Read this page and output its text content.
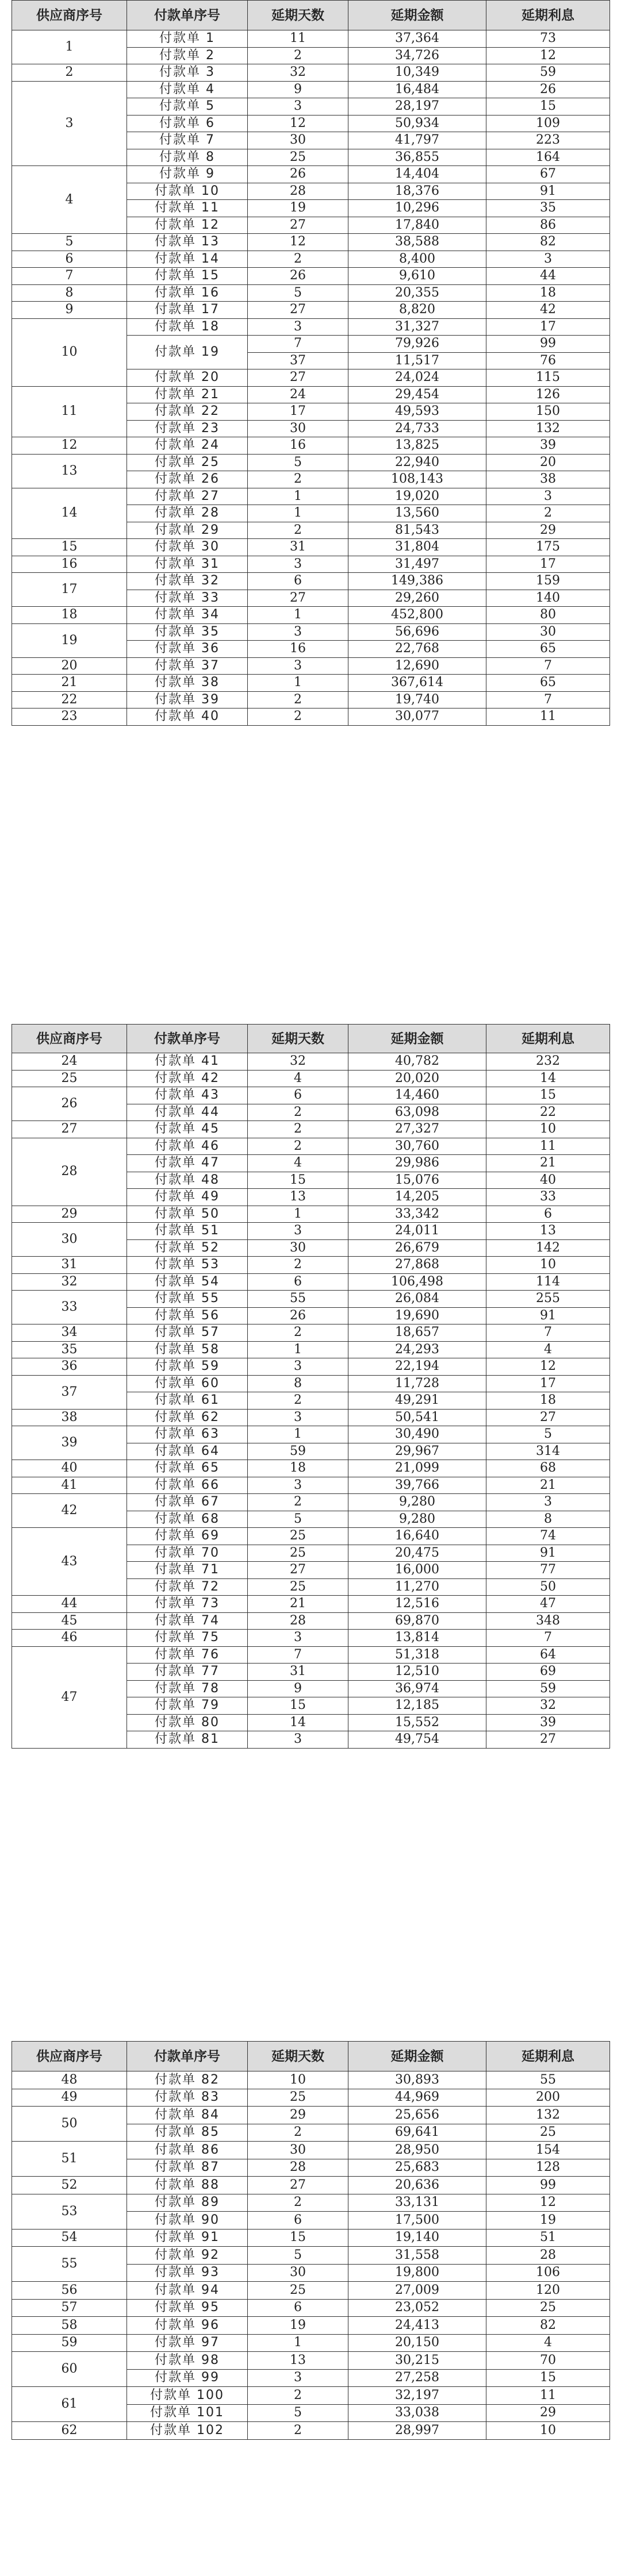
供应商序号	付款单序号	延期天数	延期金额	延期利息
1	付款单 1	11	37,364	73
	付款单 2	2	34,726	12
2	付款单 3	32	10,349	59
3	付款单 4	9	16,484	26
	付款单 5	3	28,197	15
	付款单 6	12	50,934	109
	付款单 7	30	41,797	223
	付款单 8	25	36,855	164
4	付款单 9	26	14,404	67
	付款单 10	28	18,376	91
	付款单 11	19	10,296	35
	付款单 12	27	17,840	86
5	付款单 13	12	38,588	82
6	付款单 14	2	8,400	3
7	付款单 15	26	9,610	44
8	付款单 16	5	20,355	18
9	付款单 17	27	8,820	42
10	付款单 18	3	31,327	17
	付款单 19	7	79,926	99
		37	11,517	76
	付款单 20	27	24,024	115
11	付款单 21	24	29,454	126
	付款单 22	17	49,593	150
	付款单 23	30	24,733	132
12	付款单 24	16	13,825	39
13	付款单 25	5	22,940	20
	付款单 26	2	108,143	38
14	付款单 27	1	19,020	3
	付款单 28	1	13,560	2
	付款单 29	2	81,543	29
15	付款单 30	31	31,804	175
16	付款单 31	3	31,497	17
17	付款单 32	6	149,386	159
	付款单 33	27	29,260	140
18	付款单 34	1	452,800	80
19	付款单 35	3	56,696	30
	付款单 36	16	22,768	65
20	付款单 37	3	12,690	7
21	付款单 38	1	367,614	65
22	付款单 39	2	19,740	7
23	付款单 40	2	30,077	11
供应商序号	付款单序号	延期天数	延期金额	延期利息
24	付款单 41	32	40,782	232
25	付款单 42	4	20,020	14
26	付款单 43	6	14,460	15
	付款单 44	2	63,098	22
27	付款单 45	2	27,327	10
28	付款单 46	2	30,760	11
	付款单 47	4	29,986	21
	付款单 48	15	15,076	40
	付款单 49	13	14,205	33
29	付款单 50	1	33,342	6
30	付款单 51	3	24,011	13
	付款单 52	30	26,679	142
31	付款单 53	2	27,868	10
32	付款单 54	6	106,498	114
33	付款单 55	55	26,084	255
	付款单 56	26	19,690	91
34	付款单 57	2	18,657	7
35	付款单 58	1	24,293	4
36	付款单 59	3	22,194	12
37	付款单 60	8	11,728	17
	付款单 61	2	49,291	18
38	付款单 62	3	50,541	27
39	付款单 63	1	30,490	5
	付款单 64	59	29,967	314
40	付款单 65	18	21,099	68
41	付款单 66	3	39,766	21
42	付款单 67	2	9,280	3
	付款单 68	5	9,280	8
43	付款单 69	25	16,640	74
	付款单 70	25	20,475	91
	付款单 71	27	16,000	77
	付款单 72	25	11,270	50
44	付款单 73	21	12,516	47
45	付款单 74	28	69,870	348
46	付款单 75	3	13,814	7
47	付款单 76	7	51,318	64
	付款单 77	31	12,510	69
	付款单 78	9	36,974	59
	付款单 79	15	12,185	32
	付款单 80	14	15,552	39
	付款单 81	3	49,754	27
供应商序号	付款单序号	延期天数	延期金额	延期利息
48	付款单 82	10	30,893	55
49	付款单 83	25	44,969	200
50	付款单 84	29	25,656	132
	付款单 85	2	69,641	25
51	付款单 86	30	28,950	154
	付款单 87	28	25,683	128
52	付款单 88	27	20,636	99
53	付款单 89	2	33,131	12
	付款单 90	6	17,500	19
54	付款单 91	15	19,140	51
55	付款单 92	5	31,558	28
	付款单 93	30	19,800	106
56	付款单 94	25	27,009	120
57	付款单 95	6	23,052	25
58	付款单 96	19	24,413	82
59	付款单 97	1	20,150	4
60	付款单 98	13	30,215	70
	付款单 99	3	27,258	15
61	付款单 100	2	32,197	11
	付款单 101	5	33,038	29
62	付款单 102	2	28,997	10
